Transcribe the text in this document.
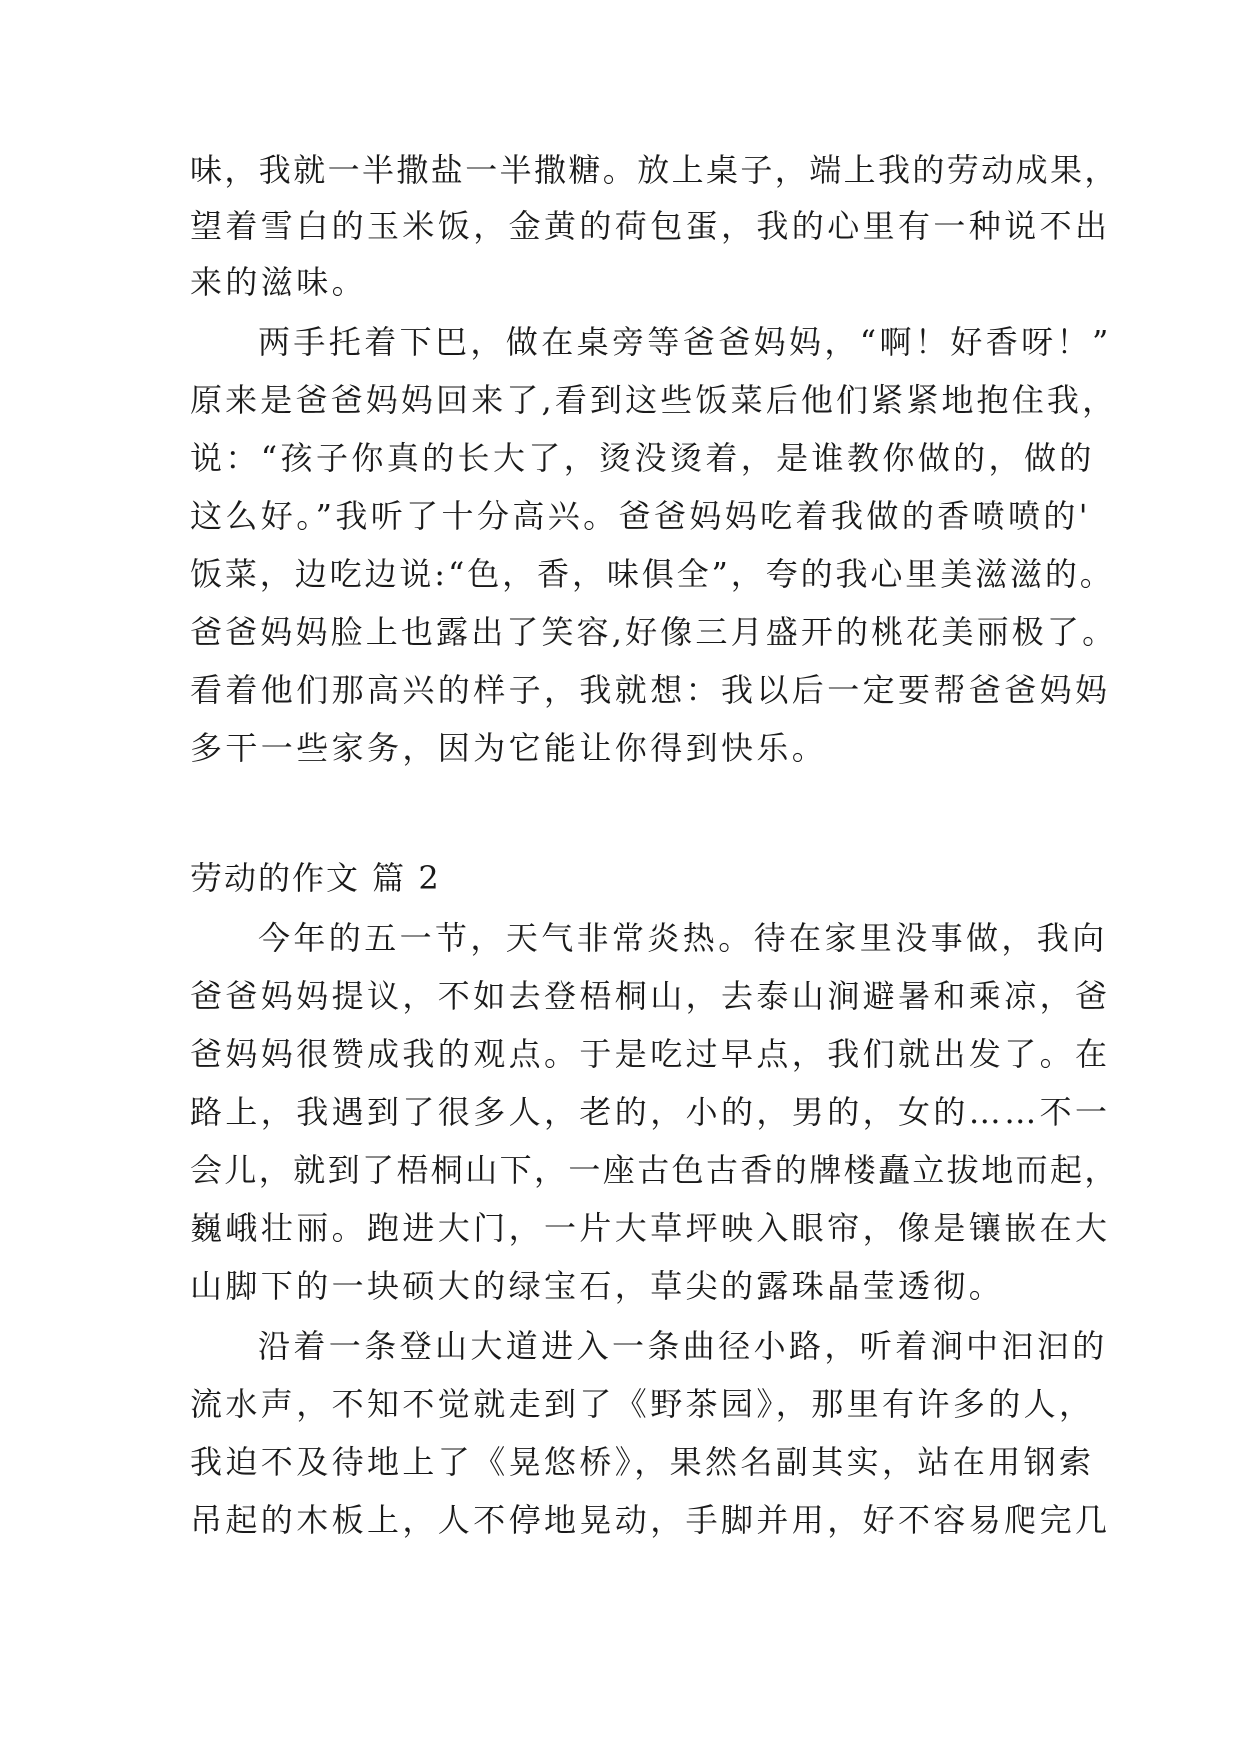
味，我就一半撒盐一半撒糖。放上桌子，端上我的劳动成果，
望着雪白的玉米饭，金黄的荷包蛋，我的心里有一种说不出
来的滋味。
两手托着下巴，做在桌旁等爸爸妈妈，“啊！好香呀！”
原来是爸爸妈妈回来了,看到这些饭菜后他们紧紧地抱住我，
说：“孩子你真的长大了，烫没烫着，是谁教你做的，做的
这么好。”我听了十分高兴。爸爸妈妈吃着我做的香喷喷的'
饭菜，边吃边说:“色，香，味俱全”，夸的我心里美滋滋的。
爸爸妈妈脸上也露出了笑容,好像三月盛开的桃花美丽极了。
看着他们那高兴的样子，我就想：我以后一定要帮爸爸妈妈
多干一些家务，因为它能让你得到快乐。
劳动的作文 篇 2
今年的五一节，天气非常炎热。待在家里没事做，我向
爸爸妈妈提议，不如去登梧桐山，去泰山涧避暑和乘凉，爸
爸妈妈很赞成我的观点。于是吃过早点，我们就出发了。在
路上，我遇到了很多人，老的，小的，男的，女的……不一
会儿，就到了梧桐山下，一座古色古香的牌楼矗立拔地而起，
巍峨壮丽。跑进大门，一片大草坪映入眼帘，像是镶嵌在大
山脚下的一块硕大的绿宝石，草尖的露珠晶莹透彻。
沿着一条登山大道进入一条曲径小路，听着涧中汩汩的
流水声，不知不觉就走到了《野茶园》，那里有许多的人，
我迫不及待地上了《晃悠桥》，果然名副其实，站在用钢索
吊起的木板上，人不停地晃动，手脚并用，好不容易爬完几
